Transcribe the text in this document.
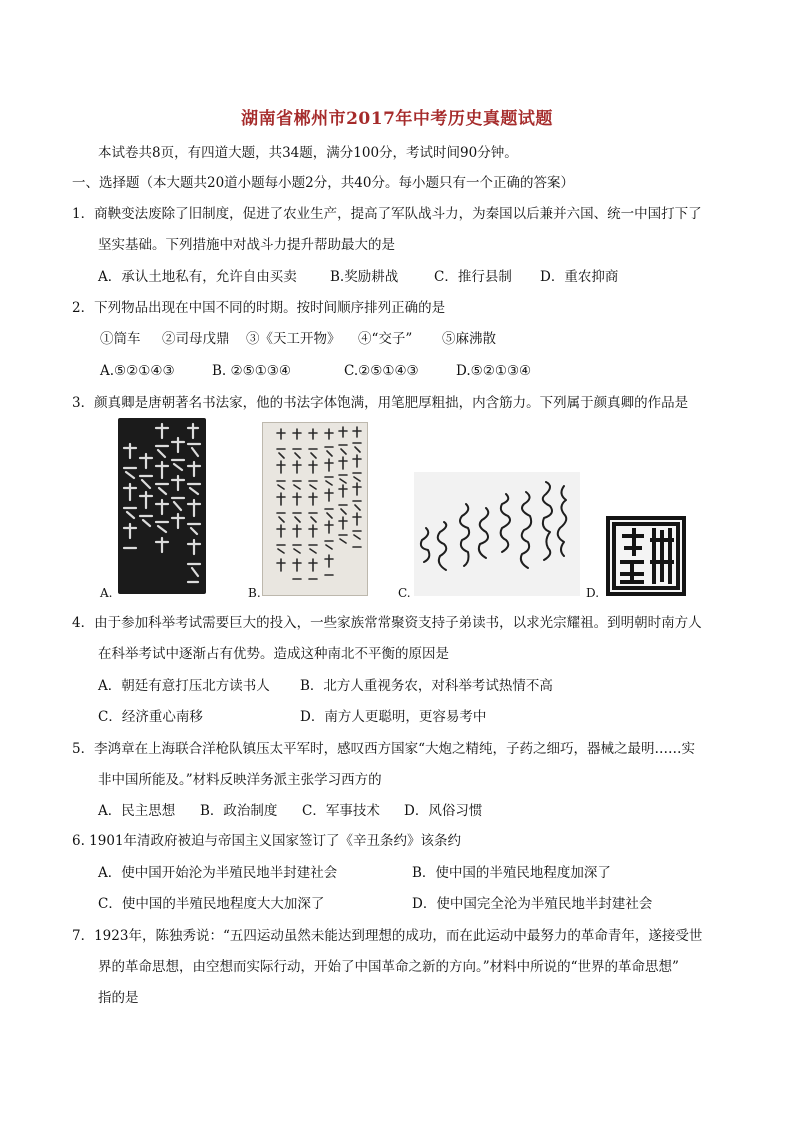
湖南省郴州市2017年中考历史真题试题
本试卷共8页，有四道大题，共34题，满分100分，考试时间90分钟。
一、选择题（本大题共20道小题每小题2分，共40分。每小题只有一个正确的答案）
1．商鞅变法废除了旧制度，促进了农业生产，提高了军队战斗力，为秦国以后兼并六国、统一中国打下了
坚实基础。下列措施中对战斗力提升帮助最大的是
A．承认土地私有，允许自由买卖 B.奖励耕战	C．推行县制 D．重农抑商
2．下列物品出现在中国不同的时期。按时间顺序排列正确的是
①筒车 ②司母戊鼎 ③《天工开物》 ④“交子” ⑤麻沸散
A.⑤②①④③	B. ②⑤①③④	C.②⑤①④③	D.⑤②①③④
3．颜真卿是唐朝著名书法家，他的书法字体饱满，用笔肥厚粗拙，内含筋力。下列属于颜真卿的作品是
A.	B.	C.	D.
4．由于参加科举考试需要巨大的投入，一些家族常常聚资支持子弟读书，以求光宗耀祖。到明朝时南方人
在科举考试中逐渐占有优势。造成这种南北不平衡的原因是
A．朝廷有意打压北方读书人 B．北方人重视务农，对科举考试热情不高
C．经济重心南移	D．南方人更聪明，更容易考中
5．李鸿章在上海联合洋枪队镇压太平军时，感叹西方国家“大炮之精纯，子药之细巧，器械之最明……实
非中国所能及。”材料反映洋务派主张学习西方的
A．民主思想 B．政治制度 C．军事技术 D．风俗习惯
6. 1901年清政府被迫与帝国主义国家签订了《辛丑条约》该条约
A．使中国开始沦为半殖民地半封建社会	B．使中国的半殖民地程度加深了
C．使中国的半殖民地程度大大加深了	D．使中国完全沦为半殖民地半封建社会
7．1923年，陈独秀说：“五四运动虽然未能达到理想的成功，而在此运动中最努力的革命青年，遂接受世
界的革命思想，由空想而实际行动，开始了中国革命之新的方向。”材料中所说的“世界的革命思想”
指的是
